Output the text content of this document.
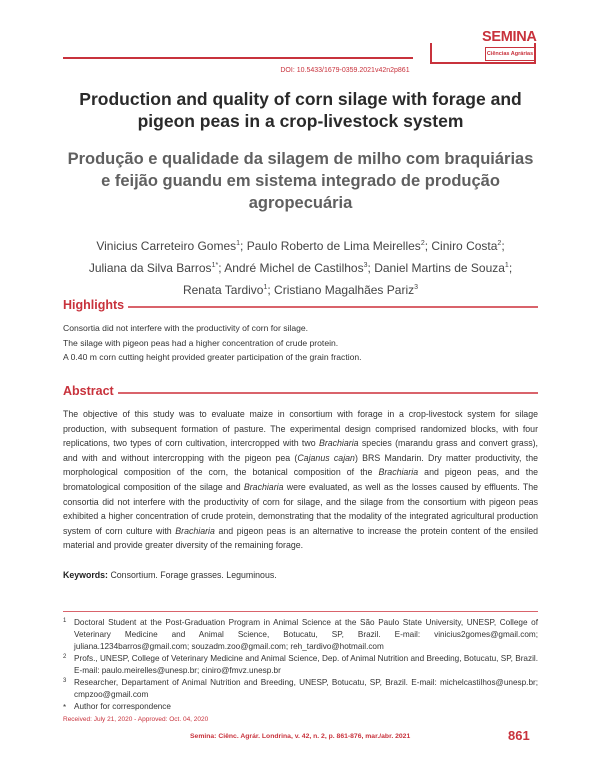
SEMINA
Ciências Agrárias
DOI: 10.5433/1679-0359.2021v42n2p861
Production and quality of corn silage with forage and pigeon peas in a crop-livestock system
Produção e qualidade da silagem de milho com braquiárias e feijão guandu em sistema integrado de produção agropecuária
Vinicius Carreteiro Gomes$^1$; Paulo Roberto de Lima Meirelles$^2$; Ciniro Costa$^2$;
Juliana da Silva Barros$^{1*}$; André Michel de Castilhos$^3$; Daniel Martins de Souza$^1$;
Renata Tardivo$^1$; Cristiano Magalhães Pariz$^3$
Highlights
Consortia did not interfere with the productivity of corn for silage.
The silage with pigeon peas had a higher concentration of crude protein.
A 0.40 m corn cutting height provided greater participation of the grain fraction.
Abstract
The objective of this study was to evaluate maize in consortium with forage in a crop-livestock system for silage production, with subsequent formation of pasture. The experimental design comprised randomized blocks, with four replications, two types of corn cultivation, intercropped with two Brachiaria species (marandu grass and convert grass), and with and without intercropping with the pigeon pea (Cajanus cajan) BRS Mandarin. Dry matter productivity, the morphological composition of the corn, the botanical composition of the Brachiaria and pigeon peas, and the bromatological composition of the silage and Brachiaria were evaluated, as well as the losses caused by effluents. The consortia did not interfere with the productivity of corn for silage, and the silage from the consortium with pigeon peas exhibited a higher concentration of crude protein, demonstrating that the modality of the integrated agricultural production system of corn culture with Brachiaria and pigeon peas is an alternative to increase the protein content of the ensiled material and provide greater diversity of the remaining forage.
Keywords: Consortium. Forage grasses. Leguminous.
1 Doctoral Student at the Post-Graduation Program in Animal Science at the São Paulo State University, UNESP, College of Veterinary Medicine and Animal Science, Botucatu, SP, Brazil. E-mail: vinicius2gomes@gmail.com; juliana.1234barros@gmail.com; souzadm.zoo@gmail.com; reh_tardivo@hotmail.com
2 Profs., UNESP, College of Veterinary Medicine and Animal Science, Dep. of Animal Nutrition and Breeding, Botucatu, SP, Brazil. E-mail: paulo.meirelles@unesp.br; ciniro@fmvz.unesp.br
3 Researcher, Departament of Animal Nutrition and Breeding, UNESP, Botucatu, SP, Brazil. E-mail: michelcastilhos@unesp.br; cmpzoo@gmail.com
* Author for correspondence
Received: July 21, 2020 - Approved: Oct. 04, 2020
Semina: Ciênc. Agrár. Londrina, v. 42, n. 2, p. 861-876, mar./abr. 2021	861
